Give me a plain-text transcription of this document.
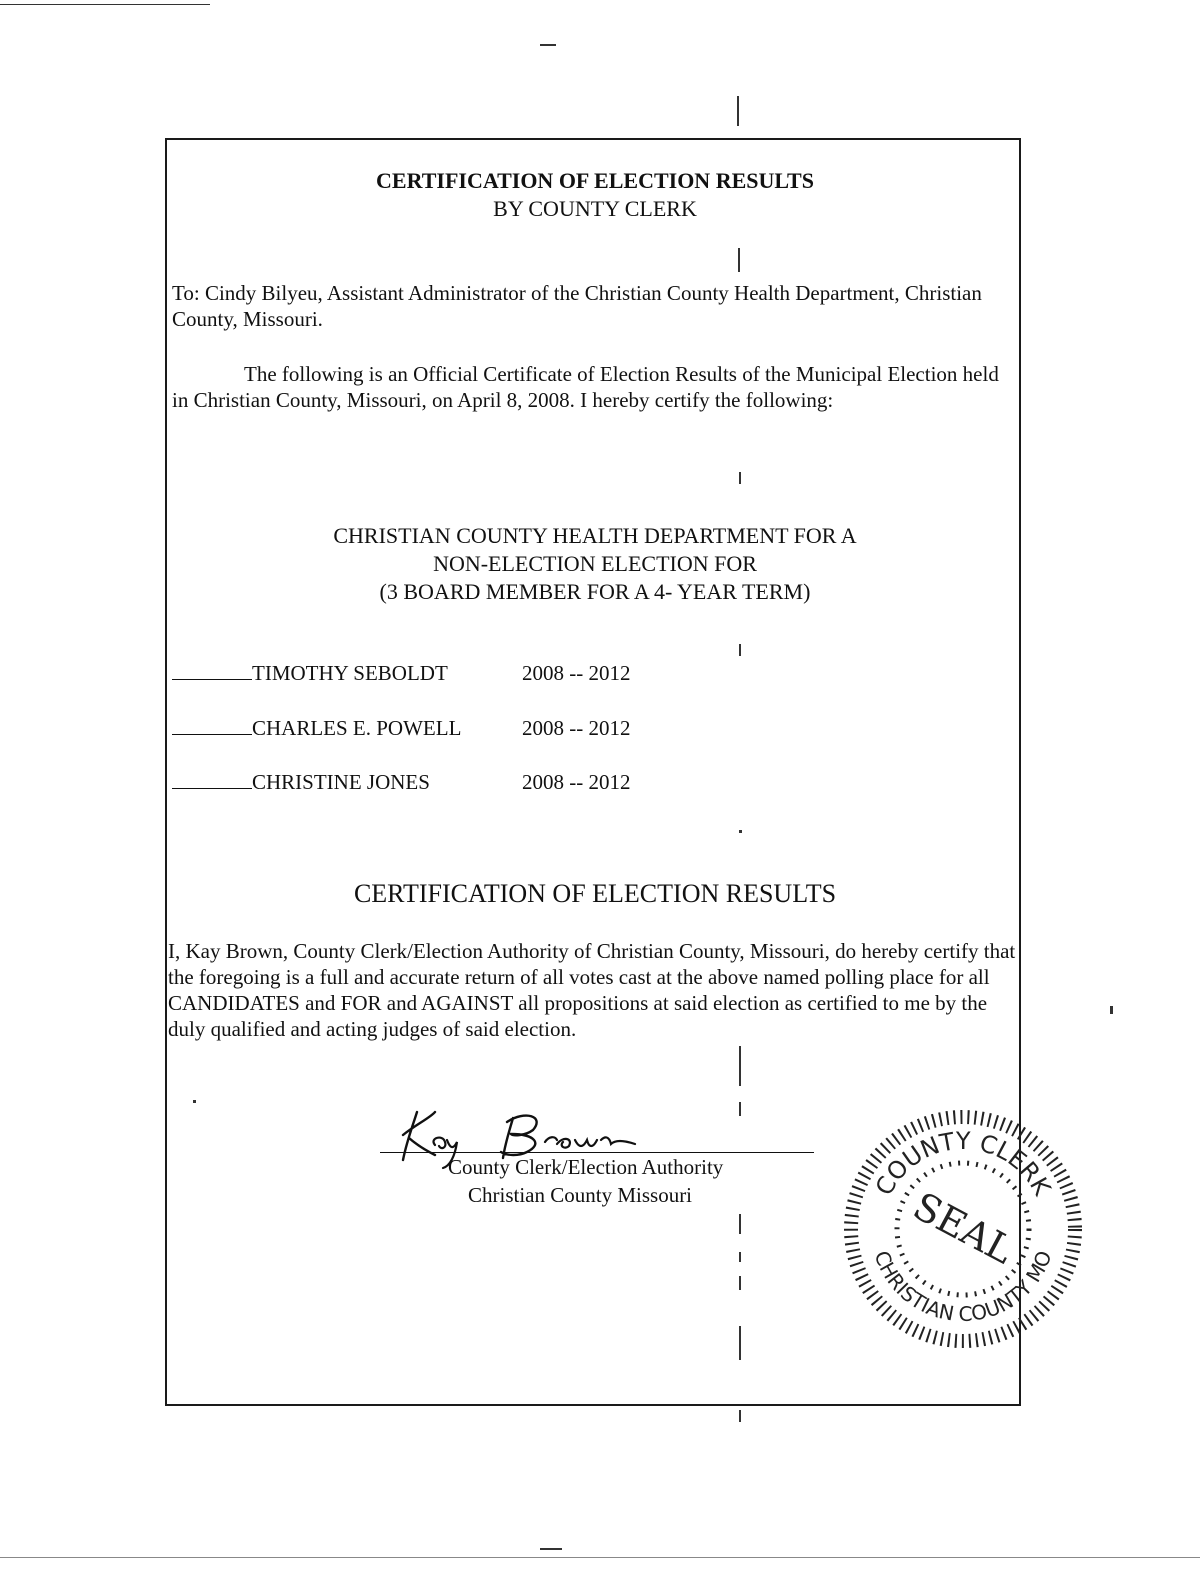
CERTIFICATION OF ELECTION RESULTS
BY COUNTY CLERK
To: Cindy Bilyeu, Assistant Administrator of the Christian County Health Department, Christian County, Missouri.
The following is an Official Certificate of Election Results of the Municipal Election held in Christian County, Missouri, on April 8, 2008. I hereby certify the following:
CHRISTIAN COUNTY HEALTH DEPARTMENT FOR A
NON-ELECTION ELECTION FOR
(3 BOARD MEMBER FOR A 4- YEAR TERM)
TIMOTHY SEBOLDT	2008 -- 2012
CHARLES E. POWELL	2008 -- 2012
CHRISTINE JONES	2008 -- 2012
CERTIFICATION OF ELECTION RESULTS
I, Kay Brown, County Clerk/Election Authority of Christian County, Missouri, do hereby certify that the foregoing is a full and accurate return of all votes cast at the above named polling place for all CANDIDATES and FOR and AGAINST all propositions at said election as certified to me by the duly qualified and acting judges of said election.
County Clerk/Election Authority
Christian County Missouri	COUNTY CLERK
CHRISTIAN COUNTY MO
SEAL
